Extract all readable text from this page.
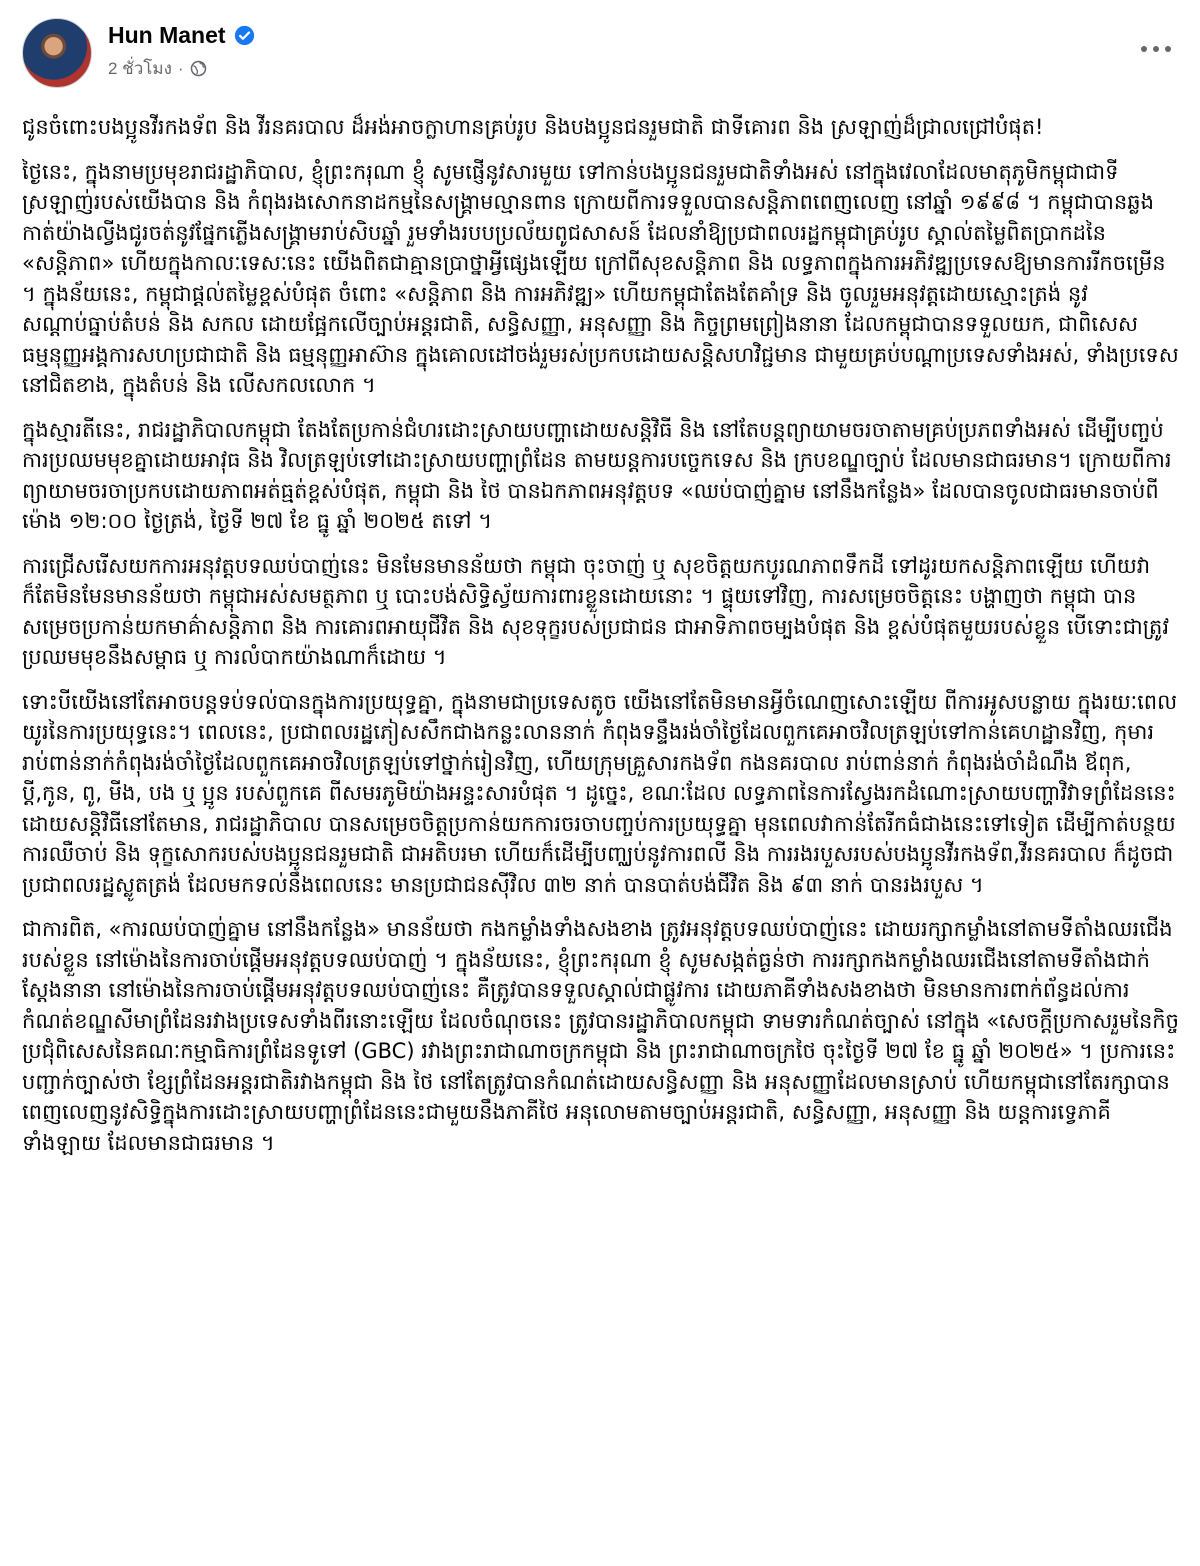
Hun Manet
2 ชั่วโมง ·

ជូនចំពោះបងប្អូនវីរកងទ័ព និង វីរនគរបាល ដ៏អង់អាចក្លាហានគ្រប់រូប និងបងប្អូនជនរួមជាតិ ជាទីគោរព និង ស្រឡាញ់ដ៏ជ្រាលជ្រៅបំផុត!

ថ្ងៃនេះ, ក្នុងនាមប្រមុខរាជរដ្ឋាភិបាល, ខ្ញុំព្រះករុណា ខ្ញុំ សូមផ្ញើនូវសារមួយ ទៅកាន់បងប្អូនជនរួមជាតិទាំងអស់ នៅក្នុងវេលាដែលមាតុភូមិកម្ពុជាជាទីស្រឡាញ់របស់យើងបាន និង កំពុងរងសោកនាដកម្មនៃសង្គ្រាមល្មានពាន ក្រោយពីការទទួលបានសន្តិភាពពេញលេញ នៅឆ្នាំ ១៩៩៨ ។ កម្ពុជាបានឆ្លងកាត់យ៉ាងល្វីងជូរចត់នូវផ្នែកភ្លើងសង្គ្រាមរាប់សិបឆ្នាំ រួមទាំងរបបប្រល័យពូជសាសន៍ ដែលនាំឱ្យប្រជាពលរដ្ឋកម្ពុជាគ្រប់រូប ស្គាល់តម្លៃពិតប្រាកដនៃ «សន្តិភាព» ហើយក្នុងកាលៈទេសៈនេះ យើងពិតជាគ្មានប្រាថ្នាអ្វីផ្សេងឡើយ ក្រៅពីសុខសន្តិភាព និង លទ្ធភាពក្នុងការអភិវឌ្ឍប្រទេសឱ្យមានការរីកចម្រើន ។ ក្នុងន័យនេះ, កម្ពុជាផ្តល់តម្លៃខ្ពស់បំផុត ចំពោះ «សន្តិភាព និង ការអភិវឌ្ឍ» ហើយកម្ពុជាតែងតែគាំទ្រ និង ចូលរួមអនុវត្តដោយស្មោះត្រង់ នូវសណ្តាប់ធ្នាប់តំបន់ និង សកល ដោយផ្អែកលើច្បាប់អន្តរជាតិ, សន្ធិសញ្ញា, អនុសញ្ញា និង កិច្ចព្រមព្រៀងនានា ដែលកម្ពុជាបានទទួលយក, ជាពិសេស ធម្មនុញ្ញអង្គការសហប្រជាជាតិ និង ធម្មនុញ្ញអាស៊ាន ក្នុងគោលដៅចង់រួមរស់ប្រកបដោយសន្តិសហវិជ្ជមាន ជាមួយគ្រប់បណ្តាប្រទេសទាំងអស់, ទាំងប្រទេស នៅជិតខាង, ក្នុងតំបន់ និង លើសកលលោក ។

ក្នុងស្មារតីនេះ, រាជរដ្ឋាភិបាលកម្ពុជា តែងតែប្រកាន់ជំហរដោះស្រាយបញ្ហាដោយសន្តិវិធី និង នៅតែបន្តព្យាយាមចរចាតាមគ្រប់ប្រភពទាំងអស់ ដើម្បីបញ្ចប់ការប្រឈមមុខគ្នាដោយអាវុធ និង វិលត្រឡប់ទៅដោះស្រាយបញ្ហាព្រំដែន តាមយន្តការបច្ចេកទេស និង ក្របខណ្ឌច្បាប់ ដែលមានជាធរមាន។ ក្រោយពីការព្យាយាមចរចាប្រកបដោយភាពអត់ធ្មត់ខ្ពស់បំផុត, កម្ពុជា និង ថៃ បានឯកភាពអនុវត្តបទ «ឈប់បាញ់គ្នាម នៅនឹងកន្លែង» ដែលបានចូលជាធរមានចាប់ពីម៉ោង ១២:០០ ថ្ងៃត្រង់, ថ្ងៃទី ២៧ ខែ ធ្នូ ឆ្នាំ ២០២៥ តទៅ ។

ការជ្រើសរើសយកការអនុវត្តបទឈប់បាញ់នេះ មិនមែនមានន័យថា កម្ពុជា ចុះចាញ់ ឬ សុខចិត្តយកបូរណភាពទឹកដី ទៅដូរយកសន្តិភាពឡើយ ហើយវាក៏តែមិនមែនមានន័យថា កម្ពុជាអស់សមត្ថភាព ឬ បោះបង់សិទ្ធិស្វ័យការពារខ្លួនដោយនោះ ។ ផ្ទុយទៅវិញ, ការសម្រេចចិត្តនេះ បង្ហាញថា កម្ពុជា បានសម្រេចប្រកាន់យកមាគ៌ាសន្តិភាព និង ការគោរពអាយុជីវិត និង សុខទុក្ខរបស់ប្រជាជន ជាអាទិភាពចម្បងបំផុត និង ខ្ពស់បំផុតមួយរបស់ខ្លួន បើទោះជាត្រូវប្រឈមមុខនឹងសម្ពាធ ឬ ការលំបាកយ៉ាងណាក៏ដោយ ។

ទោះបីយើងនៅតែអាចបន្តទប់ទល់បានក្នុងការប្រយុទ្ធគ្នា, ក្នុងនាមជាប្រទេសតូច យើងនៅតែមិនមានអ្វីចំណេញសោះឡើយ ពីការអូសបន្លាយ ក្នុងរយៈពេលយូរនៃការប្រយុទ្ធនេះ។ ពេលនេះ, ប្រជាពលរដ្ឋភៀសសឹកជាងកន្លះលាននាក់ កំពុងទន្ទឹងរង់ចាំថ្ងៃដែលពួកគេអាចវិលត្រឡប់ទៅកាន់គេហដ្ឋានវិញ, កុមាររាប់ពាន់នាក់កំពុងរង់ចាំថ្ងៃដែលពួកគេអាចវិលត្រឡប់ទៅថ្នាក់រៀនវិញ, ហើយក្រុមគ្រួសារកងទ័ព កងនគរបាល រាប់ពាន់នាក់ កំពុងរង់ចាំដំណឹង ឪពុក, ប្តី,កូន, ពូ, មីង, បង ឬ ប្អូន របស់ពួកគេ ពីសមរភូមិយ៉ាងអន្ទះសារបំផុត ។ ដូច្នេះ, ខណៈដែល លទ្ធភាពនៃការស្វែងរកដំណោះស្រាយបញ្ហាវិវាទព្រំដែននេះ ដោយសន្តិវិធីនៅតែមាន, រាជរដ្ឋាភិបាល បានសម្រេចចិត្តប្រកាន់យកការចរចាបញ្ចប់ការប្រយុទ្ធគ្នា មុនពេលវាកាន់តែរីកធំជាងនេះទៅទៀត ដើម្បីកាត់បន្ថយការឈឺចាប់ និង ទុក្ខសោករបស់បងប្អូនជនរួមជាតិ ជាអតិបរមា ហើយក៏ដើម្បីបញ្ឈប់នូវការពលី និង ការរងរបួសរបស់បងប្អូនវីរកងទ័ព,វីរនគរបាល ក៏ដូចជាប្រជាពលរដ្ឋស្លូតត្រង់ ដែលមកទល់នឹងពេលនេះ មានប្រជាជនស៊ីវិល ៣២ នាក់ បានបាត់បង់ជីវិត និង ៩៣ នាក់ បានរងរបួស ។

ជាការពិត, «ការឈប់បាញ់គ្នាម នៅនឹងកន្លែង» មានន័យថា កងកម្លាំងទាំងសងខាង ត្រូវអនុវត្តបទឈប់បាញ់នេះ ដោយរក្សាកម្លាំងនៅតាមទីតាំងឈរជើងរបស់ខ្លួន នៅម៉ោងនៃការចាប់ផ្តើមអនុវត្តបទឈប់បាញ់ ។ ក្នុងន័យនេះ, ខ្ញុំព្រះករុណា ខ្ញុំ សូមសង្កត់ធ្ងន់ថា ការរក្សាកងកម្លាំងឈរជើងនៅតាមទីតាំងជាក់ស្តែងនានា នៅម៉ោងនៃការចាប់ផ្តើមអនុវត្តបទឈប់បាញ់នេះ គឺត្រូវបានទទួលស្គាល់ជាផ្លូវការ ដោយភាគីទាំងសងខាងថា មិនមានការពាក់ព័ន្ធដល់ការកំណត់ខណ្ឌសីមាព្រំដែនរវាងប្រទេសទាំងពីរនោះឡើយ ដែលចំណុចនេះ ត្រូវបានរដ្ឋាភិបាលកម្ពុជា ទាមទារកំណត់ច្បាស់ នៅក្នុង «សេចក្តីប្រកាសរួមនៃកិច្ចប្រជុំពិសេសនៃគណៈកម្មាធិការព្រំដែនទូទៅ (GBC) រវាងព្រះរាជាណាចក្រកម្ពុជា និង ព្រះរាជាណាចក្រថៃ ចុះថ្ងៃទី ២៧ ខែ ធ្នូ ឆ្នាំ ២០២៥» ។ ប្រការនេះ បញ្ជាក់ច្បាស់ថា ខ្សែព្រំដែនអន្តរជាតិរវាងកម្ពុជា និង ថៃ នៅតែត្រូវបានកំណត់ដោយសន្ធិសញ្ញា និង អនុសញ្ញាដែលមានស្រាប់ ហើយកម្ពុជានៅតែរក្សាបានពេញលេញនូវសិទ្ធិក្នុងការដោះស្រាយបញ្ហាព្រំដែននេះជាមួយនឹងភាគីថៃ អនុលោមតាមច្បាប់អន្តរជាតិ, សន្ធិសញ្ញា, អនុសញ្ញា និង យន្តការទ្វេភាគី ទាំងឡាយ ដែលមានជាធរមាន ។
